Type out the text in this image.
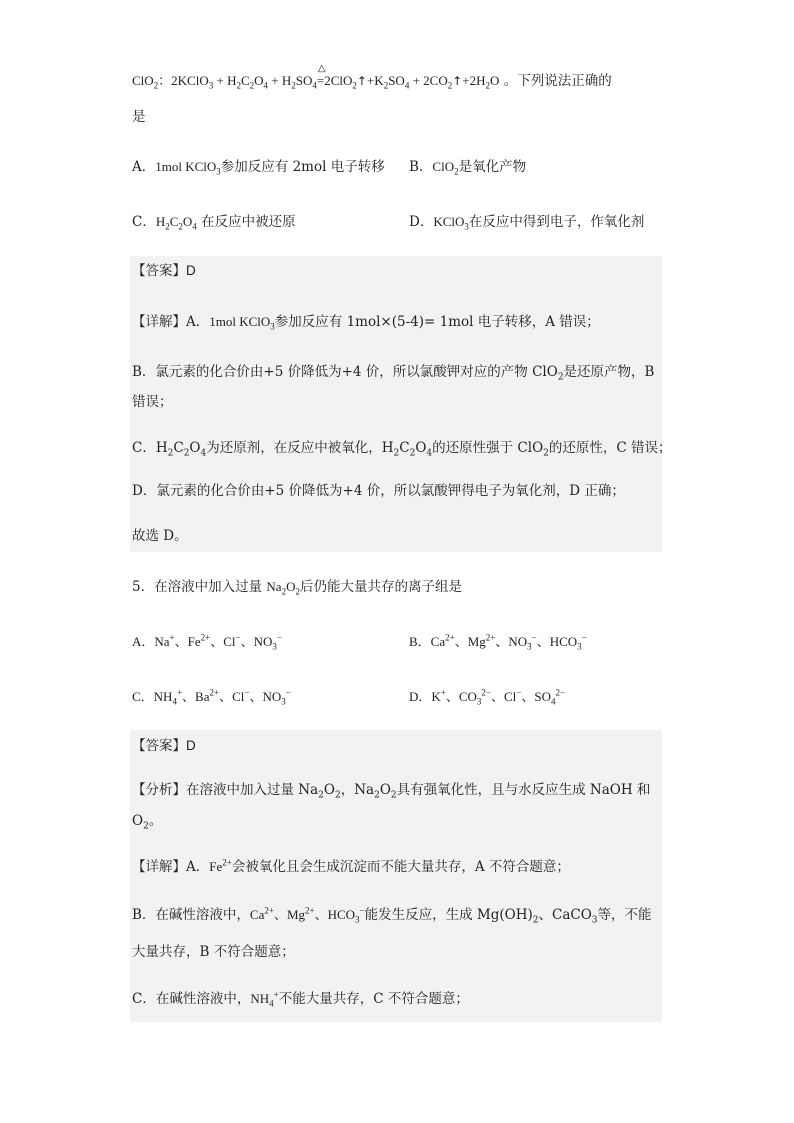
ClO$_2$：2KClO$_3$ + $H_2C_2O_4 + H_2SO_4$
△
$=2ClO_2↑+K_2SO_4$ + $2CO_2↑+2H_2O$ 。下列说法正确的
是
A．1mol KClO$_3$参加反应有 2mol 电子转移 B．ClO$_2$是氧化产物
C．$H_2C_2O_4$ 在反应中被还原	D．KClO$_3$在反应中得到电子，作氧化剂
【答案】D
【详解】A．1mol KClO$_3$参加反应有 1mol×(5-4)= 1mol 电子转移，A 错误；
B．氯元素的化合价由+5 价降低为+4 价，所以氯酸钾对应的产物 ClO$_2$是还原产物，B
错误；
C．$H_2C_2O_4$为还原剂，在反应中被氧化，$H_2C_2O_4$的还原性强于 ClO$_2$的还原性，C 错误；
D．氯元素的化合价由+5 价降低为+4 价，所以氯酸钾得电子为氧化剂，D 正确；
故选 D。
5．在溶液中加入过量 $Na_2O_2$后仍能大量共存的离子组是
A．Na+、$Fe^{2+}$、Cl−、$NO_3^-$	B．$Ca^{2+}$、$Mg^{2+}$、$NO_3^-$、$HCO_3^-$
C．$NH_4^+$、$Ba^{2+}$、Cl−、$NO_3^-$	D．K+、$CO_3^{2-}$、Cl−、$SO_4^{2-}$
【答案】D
【分析】在溶液中加入过量 $Na_2O_2$，$Na_2O_2$具有强氧化性，且与水反应生成 NaOH 和
$O_2$。
【详解】A．$Fe^{2+}$会被氧化且会生成沉淀而不能大量共存，A 不符合题意；
B．在碱性溶液中，$Ca^{2+}$、$Mg^{2+}$、$HCO_3^-$能发生反应，生成 $Mg(OH)_2$、CaCO$_3$等，不能
大量共存，B 不符合题意；
C．在碱性溶液中，$NH_4^+$不能大量共存，C 不符合题意；
